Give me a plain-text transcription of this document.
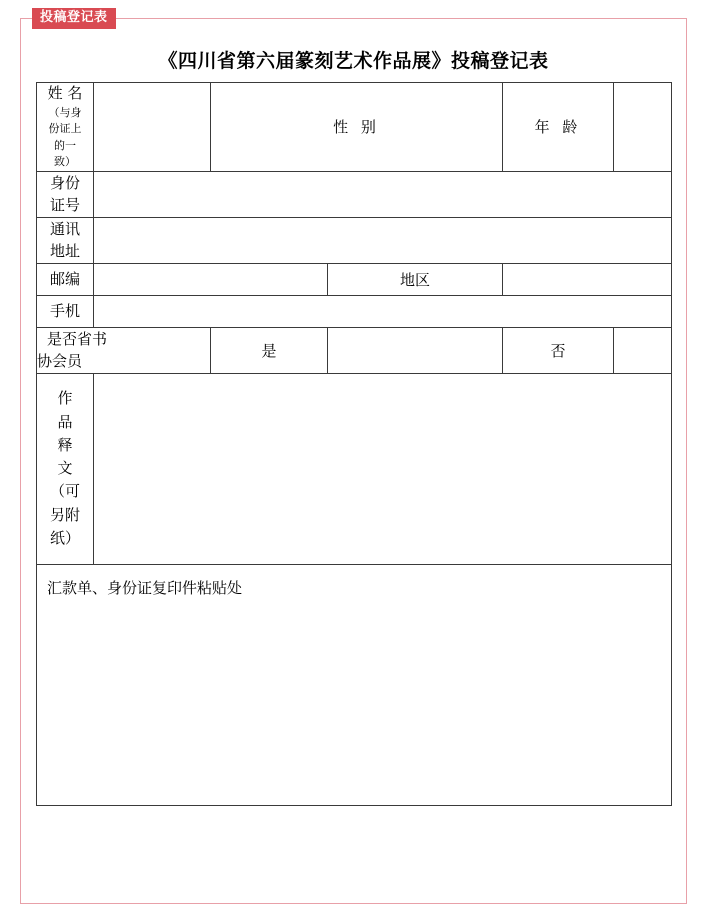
投稿登记表
《四川省第六届篆刻艺术作品展》投稿登记表
姓 名
（与身
份证上
的一
致）		性 别		年 龄	

身份
证号					

通讯
地址					

邮编			地区		
手机					

是否省书
协会员		是		否	

作
品
释
文
（可
另附
纸）

汇款单、身份证复印件粘贴处					
